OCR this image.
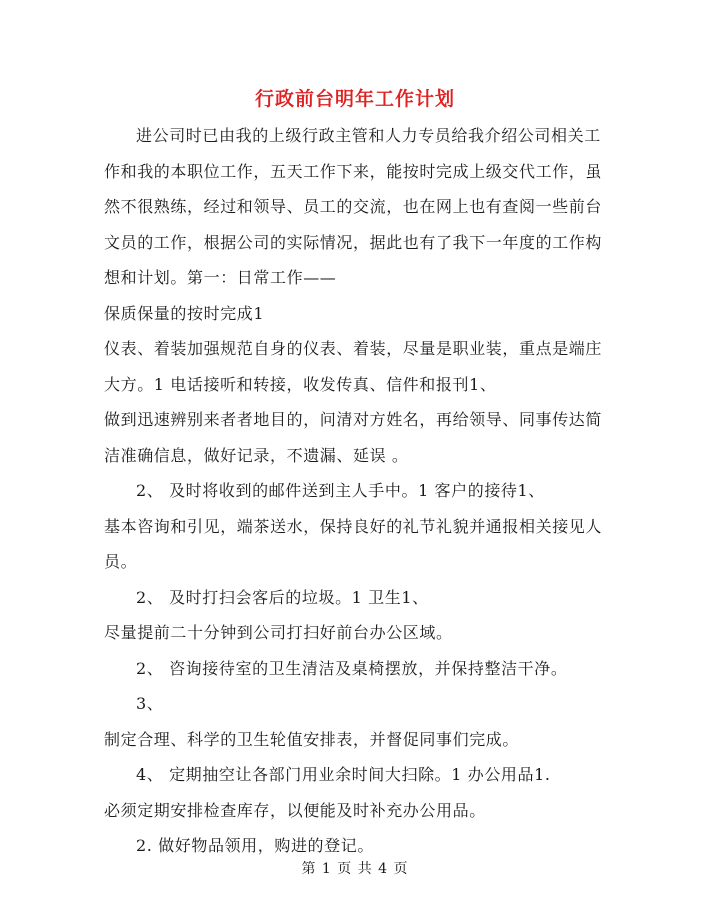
行政前台明年工作计划

进公司时已由我的上级行政主管和人力专员给我介绍公司相关工作和我的本职位工作，五天工作下来，能按时完成上级交代工作，虽然不很熟练，经过和领导、员工的交流，也在网上也有查阅一些前台文员的工作，根据公司的实际情况，据此也有了我下一年度的工作构想和计划。第一：日常工作——

保质保量的按时完成1

仪表、着装加强规范自身的仪表、着装，尽量是职业装，重点是端庄大方。1 电话接听和转接，收发传真、信件和报刊1、

做到迅速辨别来者者地目的，问清对方姓名，再给领导、同事传达简洁准确信息，做好记录，不遗漏、延误 。

2、 及时将收到的邮件送到主人手中。1 客户的接待1、

基本咨询和引见，端茶送水，保持良好的礼节礼貌并通报相关接见人员。

2、 及时打扫会客后的垃圾。1 卫生1、

尽量提前二十分钟到公司打扫好前台办公区域。

2、 咨询接待室的卫生清洁及桌椅摆放，并保持整洁干净。

3、

制定合理、科学的卫生轮值安排表，并督促同事们完成。

4、 定期抽空让各部门用业余时间大扫除。1 办公用品1.

必须定期安排检查库存，以便能及时补充办公用品。

2. 做好物品领用，购进的登记。

第 1 页 共 4 页
